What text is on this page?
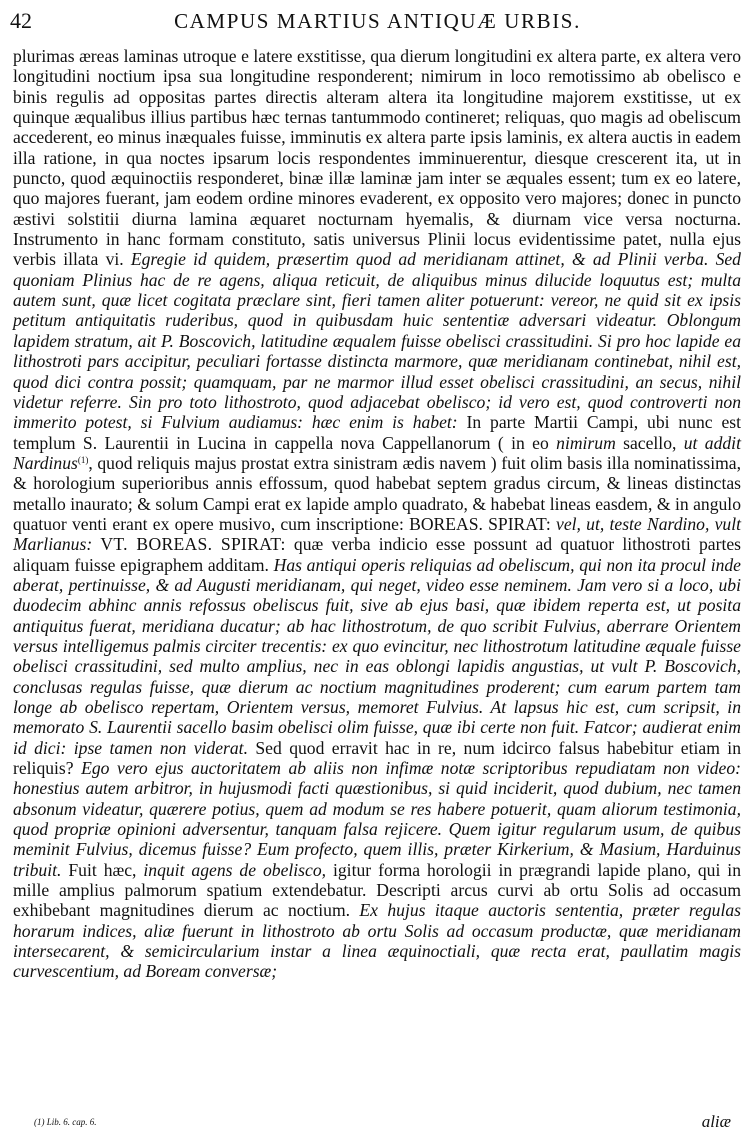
42	CAMPUS MARTIUS ANTIQUÆ URBIS.

plurimas æreas laminas utroque e latere exstitisse, qua dierum longitudini ex altera parte, ex altera vero longitudini noctium ipsa sua longitudine responderent; nimirum in loco remotissimo ab obelisco e binis regulis ad oppositas partes directis alteram altera ita longitudine majorem exstitisse, ut ex quinque æqualibus illius partibus hæc ternas tantummodo contineret; reliquas, quo magis ad obeliscum accederent, eo minus inæquales fuisse, imminutis ex altera parte ipsis laminis, ex altera auctis in eadem illa ratione, in qua noctes ipsarum locis respondentes imminuerentur, diesque crescerent ita, ut in puncto, quod æquinoctiis responderet, binæ illæ laminæ jam inter se æquales essent; tum ex eo latere, quo majores fuerant, jam eodem ordine minores evaderent, ex opposito vero majores; donec in puncto æstivi solstitii diurna lamina æquaret nocturnam hyemalis, & diurnam vice versa nocturna. Instrumento in hanc formam constituto, satis universus Plinii locus evidentissime patet, nulla ejus verbis illata vi. Egregie id quidem, præsertim quod ad meridianam attinet, & ad Plinii verba. Sed quoniam Plinius hac de re agens, aliqua reticuit, de aliquibus minus dilucide loquutus est; multa autem sunt, quæ licet cogitata præclare sint, fieri tamen aliter potuerunt: vereor, ne quid sit ex ipsis petitum antiquitatis ruderibus, quod in quibusdam huic sententiæ adversari videatur. Oblongum lapidem stratum, ait P. Boscovich, latitudine æqualem fuisse obelisci crassitudini. Si pro hoc lapide ea lithostroti pars accipitur, peculiari fortasse distincta marmore, quæ meridianam continebat, nihil est, quod dici contra possit; quamquam, par ne marmor illud esset obelisci crassitudini, an secus, nihil videtur referre. Sin pro toto lithostroto, quod adjacebat obelisco; id vero est, quod controverti non immerito potest, si Fulvium audiamus: hæc enim is habet: In parte Martii Campi, ubi nunc est templum S. Laurentii in Lucina in cappella nova Cappellanorum ( in eo nimirum sacello, ut addit Nardinus$^{(1)}$, quod reliquis majus prostat extra sinistram ædis navem ) fuit olim basis illa nominatissima, & horologium superioribus annis effossum, quod habebat septem gradus circum, & lineas distinctas metallo inaurato; & solum Campi erat ex lapide amplo quadrato, & habebat lineas easdem, & in angulo quatuor venti erant ex opere musivo, cum inscriptione: BOREAS. SPIRAT: vel, ut, teste Nardino, vult Marlianus: VT. BOREAS. SPIRAT: quæ verba indicio esse possunt ad quatuor lithostroti partes aliquam fuisse epigraphem additam. Has antiqui operis reliquias ad obeliscum, qui non ita procul inde aberat, pertinuisse, & ad Augusti meridianam, qui neget, video esse neminem. Jam vero si a loco, ubi duodecim abhinc annis refossus obeliscus fuit, sive ab ejus basi, quæ ibidem reperta est, ut posita antiquitus fuerat, meridiana ducatur; ab hac lithostrotum, de quo scribit Fulvius, aberrare Orientem versus intelligemus palmis circiter trecentis: ex quo evincitur, nec lithostrotum latitudine æquale fuisse obelisci crassitudini, sed multo amplius, nec in eas oblongi lapidis angustias, ut vult P. Boscovich, conclusas regulas fuisse, quæ dierum ac noctium magnitudines proderent; cum earum partem tam longe ab obelisco repertam, Orientem versus, memoret Fulvius. At lapsus hic est, cum scripsit, in memorato S. Laurentii sacello basim obelisci olim fuisse, quæ ibi certe non fuit. Fatcor; audierat enim id dici: ipse tamen non viderat. Sed quod erravit hac in re, num idcirco falsus habebitur etiam in reliquis? Ego vero ejus auctoritatem ab aliis non infimæ notæ scriptoribus repudiatam non video: honestius autem arbitror, in hujusmodi facti quæstionibus, si quid inciderit, quod dubium, nec tamen absonum videatur, quærere potius, quem ad modum se res habere potuerit, quam aliorum testimonia, quod propriæ opinioni adversentur, tanquam falsa rejicere. Quem igitur regularum usum, de quibus meminit Fulvius, dicemus fuisse? Eum profecto, quem illis, præter Kirkerium, & Masium, Harduinus tribuit. Fuit hæc, inquit agens de obelisco, igitur forma horologii in prægrandi lapide plano, qui in mille amplius palmorum spatium extendebatur. Descripti arcus curvi ab ortu Solis ad occasum exhibebant magnitudines dierum ac noctium. Ex hujus itaque auctoris sententia, præter regulas horarum indices, aliæ fuerunt in lithostroto ab ortu Solis ad occasum productæ, quæ meridianam intersecarent, & semicircularium instar a linea æquinoctiali, quæ recta erat, paullatim magis curvescentium, ad Boream conversæ;

(1) Lib. 6. cap. 6.	aliæ
